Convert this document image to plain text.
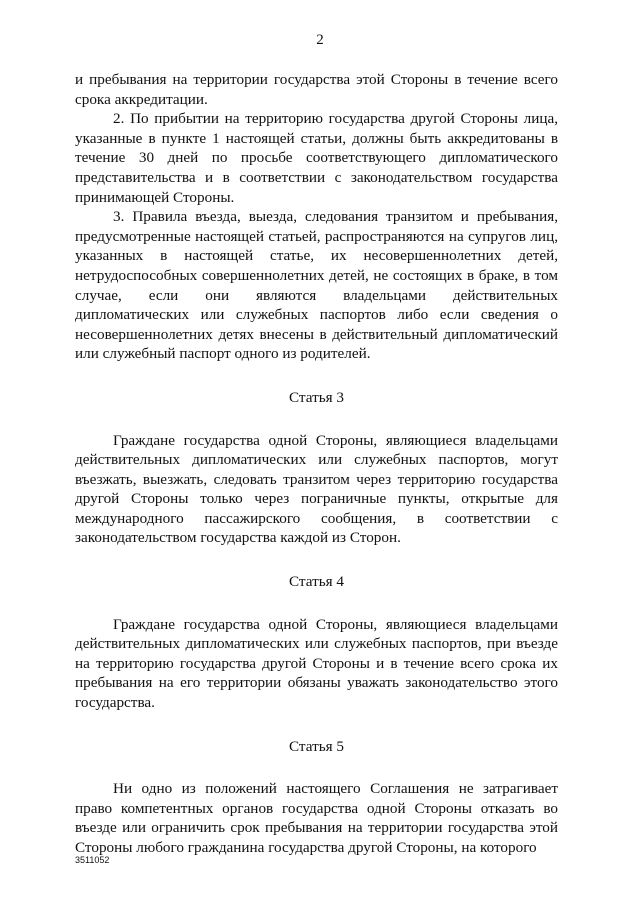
2

и пребывания на территории государства этой Стороны в течение всего срока аккредитации.

2. По прибытии на территорию государства другой Стороны лица, указанные в пункте 1 настоящей статьи, должны быть аккредитованы в течение 30 дней по просьбе соответствующего дипломатического представительства и в соответствии с законодательством государства принимающей Стороны.

3. Правила въезда, выезда, следования транзитом и пребывания, предусмотренные настоящей статьей, распространяются на супругов лиц, указанных в настоящей статье, их несовершеннолетних детей, нетрудоспособных совершеннолетних детей, не состоящих в браке, в том случае, если они являются владельцами действительных дипломатических или служебных паспортов либо если сведения о несовершеннолетних детях внесены в действительный дипломатический или служебный паспорт одного из родителей.

Статья 3

Граждане государства одной Стороны, являющиеся владельцами действительных дипломатических или служебных паспортов, могут въезжать, выезжать, следовать транзитом через территорию государства другой Стороны только через пограничные пункты, открытые для международного пассажирского сообщения, в соответствии с законодательством государства каждой из Сторон.

Статья 4

Граждане государства одной Стороны, являющиеся владельцами действительных дипломатических или служебных паспортов, при въезде на территорию государства другой Стороны и в течение всего срока их пребывания на его территории обязаны уважать законодательство этого государства.

Статья 5

Ни одно из положений настоящего Соглашения не затрагивает право компетентных органов государства одной Стороны отказать во въезде или ограничить срок пребывания на территории государства этой Стороны любого гражданина государства другой Стороны, на которого

3511052
